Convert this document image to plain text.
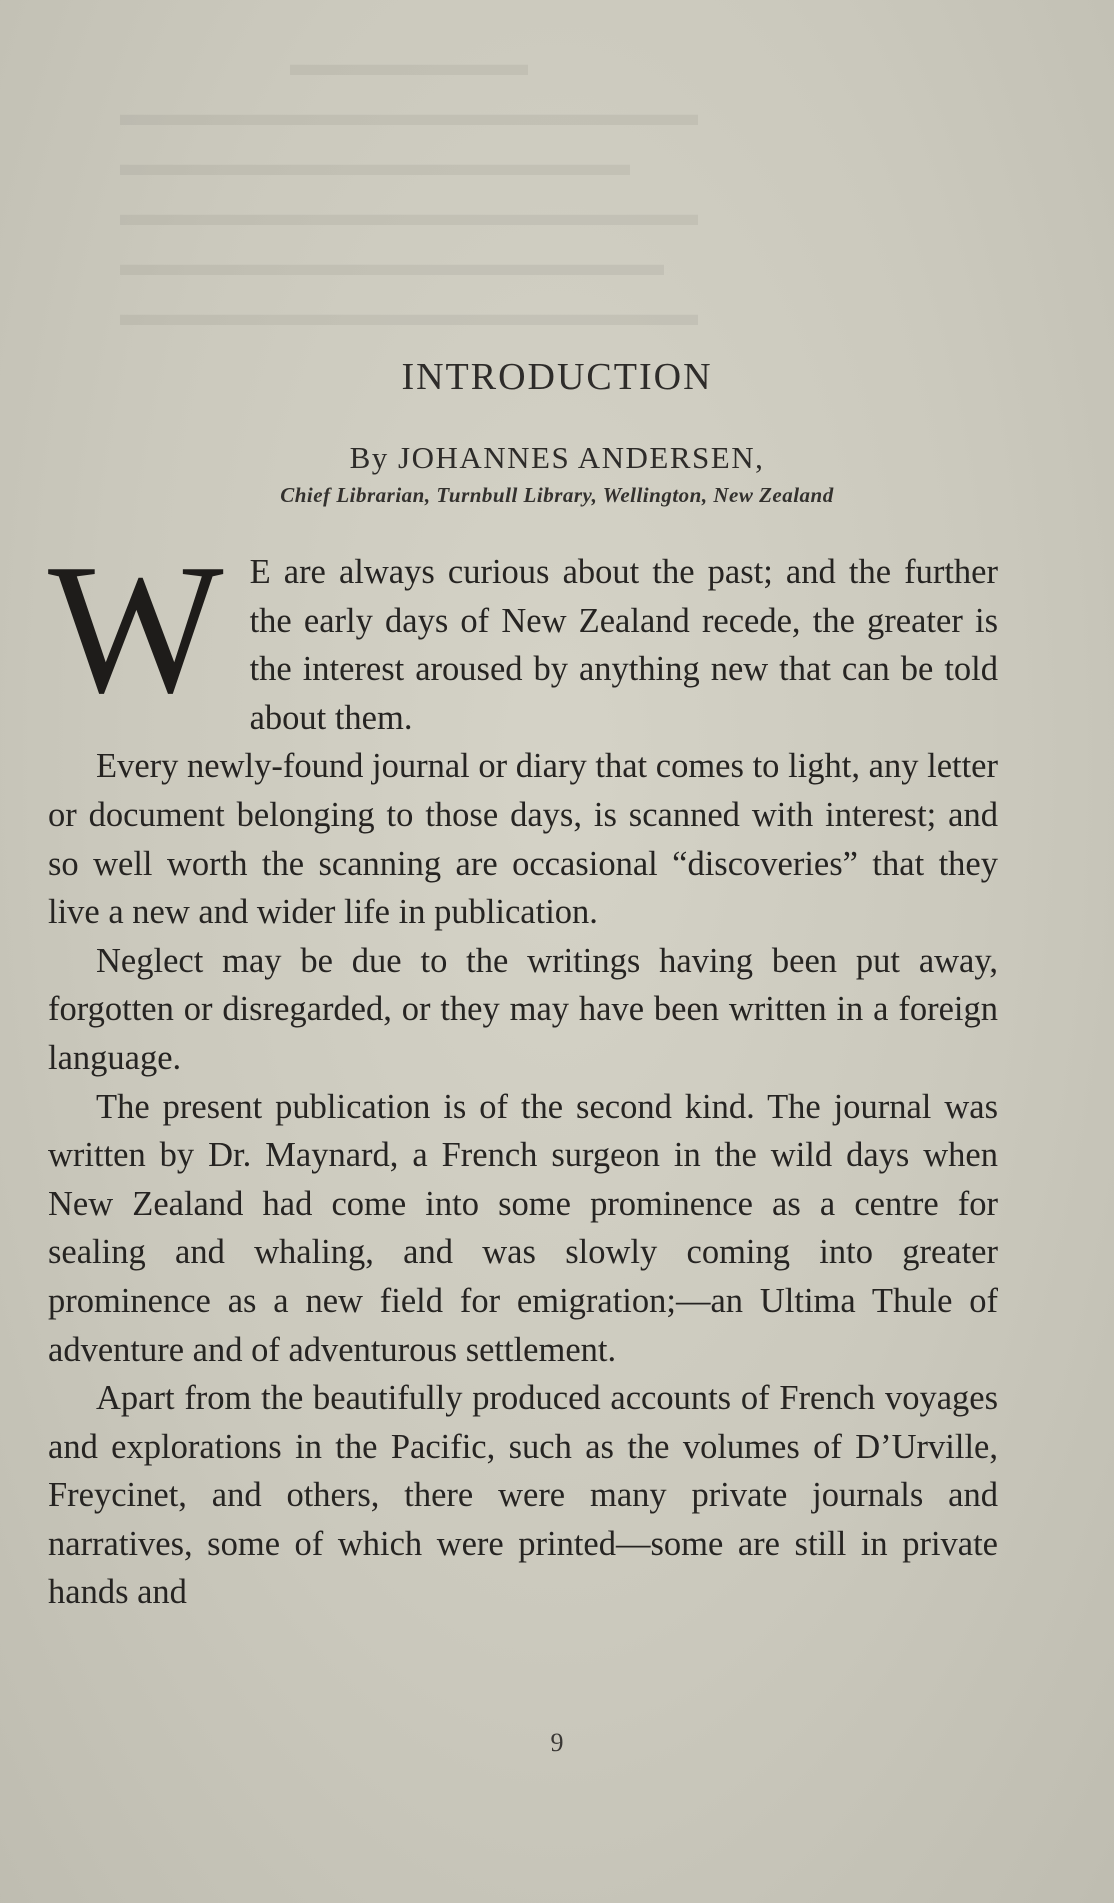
▬▬▬▬▬▬▬
▬▬▬▬▬▬▬▬▬▬▬▬▬▬▬▬▬
▬▬▬▬▬▬▬▬▬▬▬▬▬▬▬
▬▬▬▬▬▬▬▬▬▬▬▬▬▬▬▬▬
▬▬▬▬▬▬▬▬▬▬▬▬▬▬▬▬
▬▬▬▬▬▬▬▬▬▬▬▬▬▬▬▬▬
INTRODUCTION
By JOHANNES ANDERSEN,
Chief Librarian, Turnbull Library, Wellington, New Zealand

W E are always curious about the past; and the further the early days of New Zealand recede, the greater is the interest aroused by anything new that can be told about them.

Every newly-found journal or diary that comes to light, any letter or document belonging to those days, is scanned with interest; and so well worth the scanning are occasional “discoveries” that they live a new and wider life in publication.

Neglect may be due to the writings having been put away, forgotten or disregarded, or they may have been written in a foreign language.

The present publication is of the second kind. The journal was written by Dr. Maynard, a French surgeon in the wild days when New Zealand had come into some prominence as a centre for sealing and whaling, and was slowly coming into greater prominence as a new field for emigration;—an Ultima Thule of adventure and of adventurous settlement.

Apart from the beautifully produced accounts of French voyages and explorations in the Pacific, such as the volumes of D’Urville, Freycinet, and others, there were many private journals and narratives, some of which were printed—some are still in private hands and

9
